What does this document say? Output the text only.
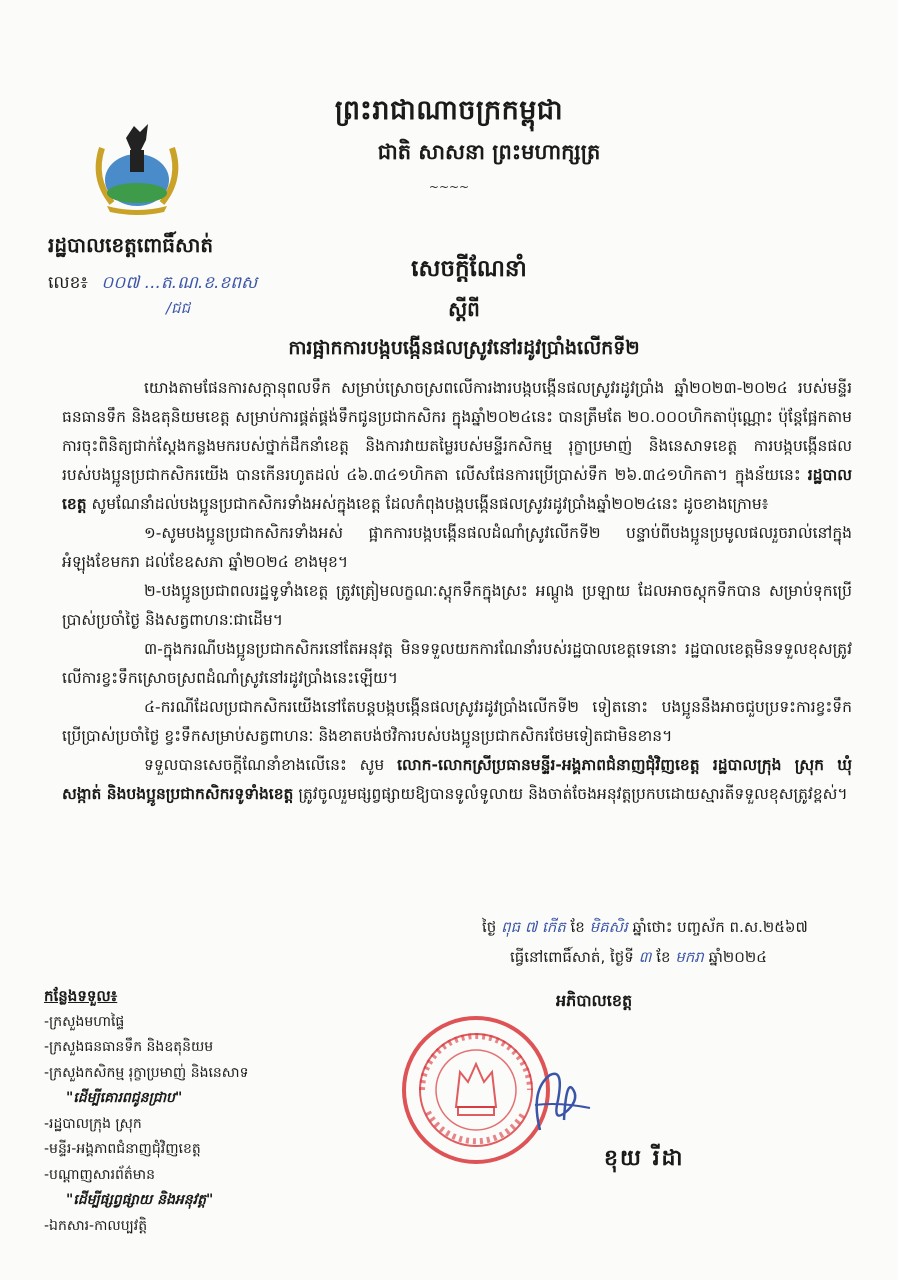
ព្រះរាជាណាចក្រកម្ពុជា
ជាតិ សាសនា ព្រះមហាក្សត្រ
~~~~
រដ្ឋបាលខេត្តពោធិ៍សាត់
លេខ៖ ០០៧ ...ត.ណ.ខ.ខពស
/ជជ
សេចក្តីណែនាំ
ស្តីពី
ការផ្អាកការបង្កបង្កើនផលស្រូវនៅរដូវប្រាំងលើកទី២

យោងតាមផែនការសក្តានុពលទឹក សម្រាប់ស្រោចស្រពលើការងារបង្កបង្កើនផលស្រូវរដូវប្រាំង ឆ្នាំ២០២៣-២០២៤ របស់មន្ទីរធនធានទឹក និងឧតុនិយមខេត្ត សម្រាប់ការផ្គត់ផ្គង់ទឹកជូនប្រជាកសិករ ក្នុងឆ្នាំ២០២៤នេះ បានត្រឹមតែ ២០.០០០ហិកតាប៉ុណ្ណោះ ប៉ុន្តែផ្អែកតាមការចុះពិនិត្យជាក់ស្តែងកន្លងមករបស់ថ្នាក់ដឹកនាំខេត្ត និងការវាយតម្លៃរបស់មន្ទីរកសិកម្ម រុក្ខាប្រមាញ់ និងនេសាទខេត្ត ការបង្កបង្កើនផលរបស់បងប្អូនប្រជាកសិករយើង បានកើនរហូតដល់ ៤៦.៣៤១ហិកតា លើសផែនការប្រើប្រាស់ទឹក ២៦.៣៤១ហិកតា។ ក្នុងន័យនេះ រដ្ឋបាលខេត្ត សូមណែនាំដល់បងប្អូនប្រជាកសិករទាំងអស់ក្នុងខេត្ត ដែលកំពុងបង្កបង្កើនផលស្រូវរដូវប្រាំងឆ្នាំ២០២៤នេះ ដូចខាងក្រោម៖

១-សូមបងប្អូនប្រជាកសិករទាំងអស់ ផ្អាកការបង្កបង្កើនផលដំណាំស្រូវលើកទី២ បន្ទាប់ពីបងប្អូនប្រមូលផលរួចរាល់នៅក្នុងអំឡុងខែមករា ដល់ខែឧសភា ឆ្នាំ២០២៤ ខាងមុខ។

២-បងប្អូនប្រជាពលរដ្ឋទូទាំងខេត្ត ត្រូវត្រៀមលក្ខណៈស្តុកទឹកក្នុងស្រះ អណ្តូង ប្រឡាយ ដែលអាចស្តុកទឹកបាន សម្រាប់ទុកប្រើប្រាស់ប្រចាំថ្ងៃ និងសត្វពាហនៈជាដើម។

៣-ក្នុងករណីបងប្អូនប្រជាកសិករនៅតែអនុវត្ត មិនទទួលយកការណែនាំរបស់រដ្ឋបាលខេត្តទេនោះ រដ្ឋបាលខេត្តមិនទទួលខុសត្រូវលើការខ្វះទឹកស្រោចស្រពដំណាំស្រូវនៅរដូវប្រាំងនេះឡើយ។

៤-ករណីដែលប្រជាកសិករយើងនៅតែបន្តបង្កបង្កើនផលស្រូវរដូវប្រាំងលើកទី២ ទៀតនោះ បងប្អូននឹងអាចជួបប្រទះការខ្វះទឹកប្រើប្រាស់ប្រចាំថ្ងៃ ខ្វះទឹកសម្រាប់សត្វពាហនៈ និងខាតបង់ថវិការបស់បងប្អូនប្រជាកសិករថែមទៀតជាមិនខាន។

ទទួលបានសេចក្តីណែនាំខាងលើនេះ សូម លោក-លោកស្រីប្រធានមន្ទីរ-អង្គភាពជំនាញជុំវិញខេត្ត រដ្ឋបាលក្រុង ស្រុក ឃុំ សង្កាត់ និងបងប្អូនប្រជាកសិករទូទាំងខេត្ត ត្រូវចូលរួមផ្សព្វផ្សាយឱ្យបានទូលំទូលាយ និងចាត់ចែងអនុវត្តប្រកបដោយស្មារតីទទួលខុសត្រូវខ្ពស់។

ថ្ងៃ ពុធ ៧ កើត ខែ មិគសិរ ឆ្នាំថោះ បញ្ចស័ក ព.ស.២៥៦៧
ធ្វើនៅពោធិ៍សាត់, ថ្ងៃទី ៣ ខែ មករា ឆ្នាំ២០២៤
អភិបាលខេត្ត
កន្លែងទទួល៖
-ក្រសួងមហាផ្ទៃ
-ក្រសួងធនធានទឹក និងឧតុនិយម
-ក្រសួងកសិកម្ម រុក្ខាប្រមាញ់ និងនេសាទ
"ដើម្បីគោរពជូនជ្រាប"
-រដ្ឋបាលក្រុង ស្រុក
-មន្ទីរ-អង្គភាពជំនាញជុំវិញខេត្ត
-បណ្តាញសារព័ត៌មាន
"ដើម្បីផ្សព្វផ្សាយ និងអនុវត្ត"
-ឯកសារ-កាលប្បវត្តិ
ខុយ រីដា
